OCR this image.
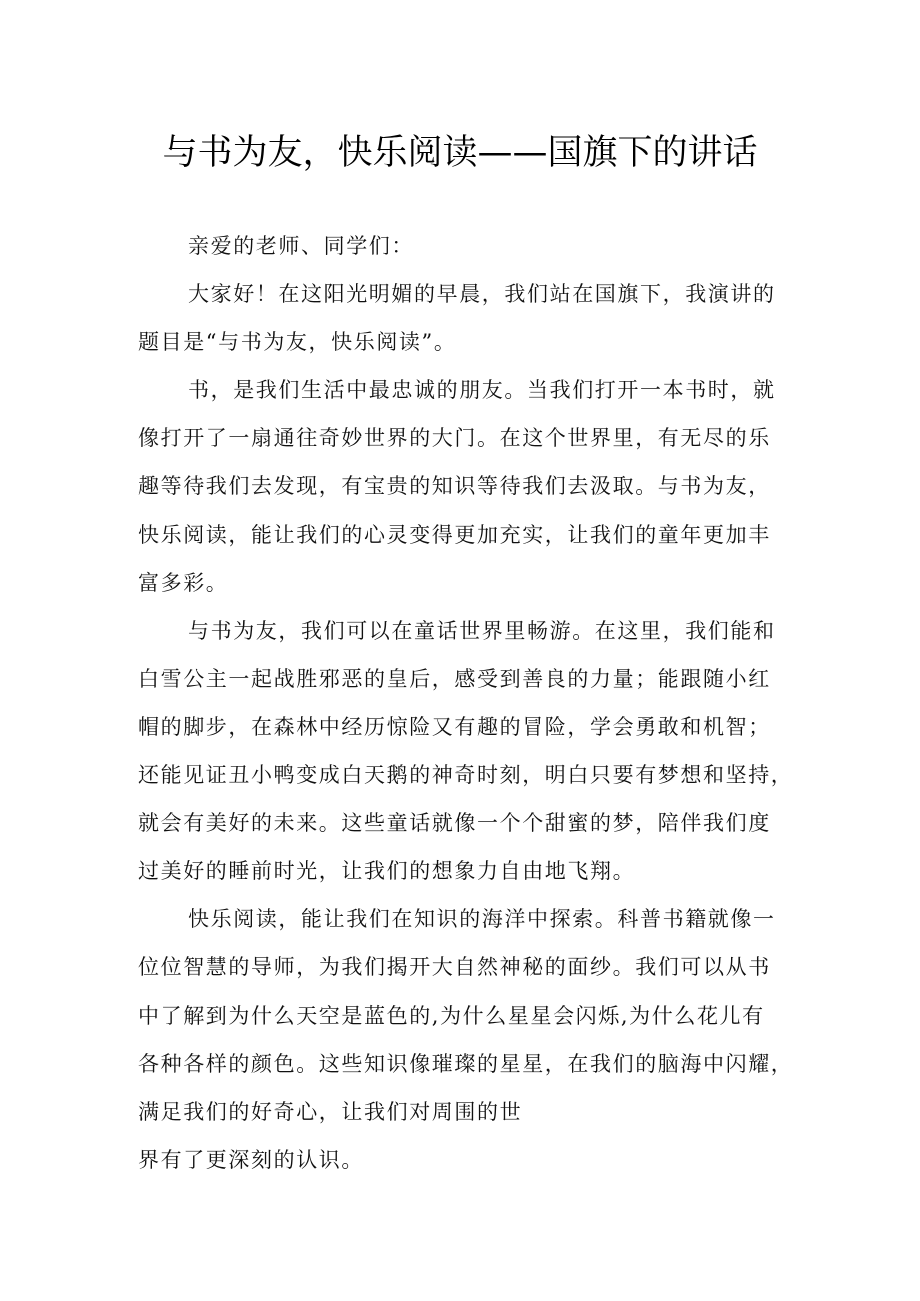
与书为友，快乐阅读——国旗下的讲话
亲爱的老师、同学们：
大家好！在这阳光明媚的早晨，我们站在国旗下，我演讲的
题目是“与书为友，快乐阅读”。
书，是我们生活中最忠诚的朋友。当我们打开一本书时，就
像打开了一扇通往奇妙世界的大门。在这个世界里，有无尽的乐
趣等待我们去发现，有宝贵的知识等待我们去汲取。与书为友，
快乐阅读，能让我们的心灵变得更加充实，让我们的童年更加丰
富多彩。
与书为友，我们可以在童话世界里畅游。在这里，我们能和
白雪公主一起战胜邪恶的皇后，感受到善良的力量；能跟随小红
帽的脚步，在森林中经历惊险又有趣的冒险，学会勇敢和机智；
还能见证丑小鸭变成白天鹅的神奇时刻，明白只要有梦想和坚持，
就会有美好的未来。这些童话就像一个个甜蜜的梦，陪伴我们度
过美好的睡前时光，让我们的想象力自由地飞翔。
快乐阅读，能让我们在知识的海洋中探索。科普书籍就像一
位位智慧的导师，为我们揭开大自然神秘的面纱。我们可以从书
中了解到为什么天空是蓝色的,为什么星星会闪烁,为什么花儿有
各种各样的颜色。这些知识像璀璨的星星，在我们的脑海中闪耀，
满足我们的好奇心，让我们对周围的世
界有了更深刻的认识。
